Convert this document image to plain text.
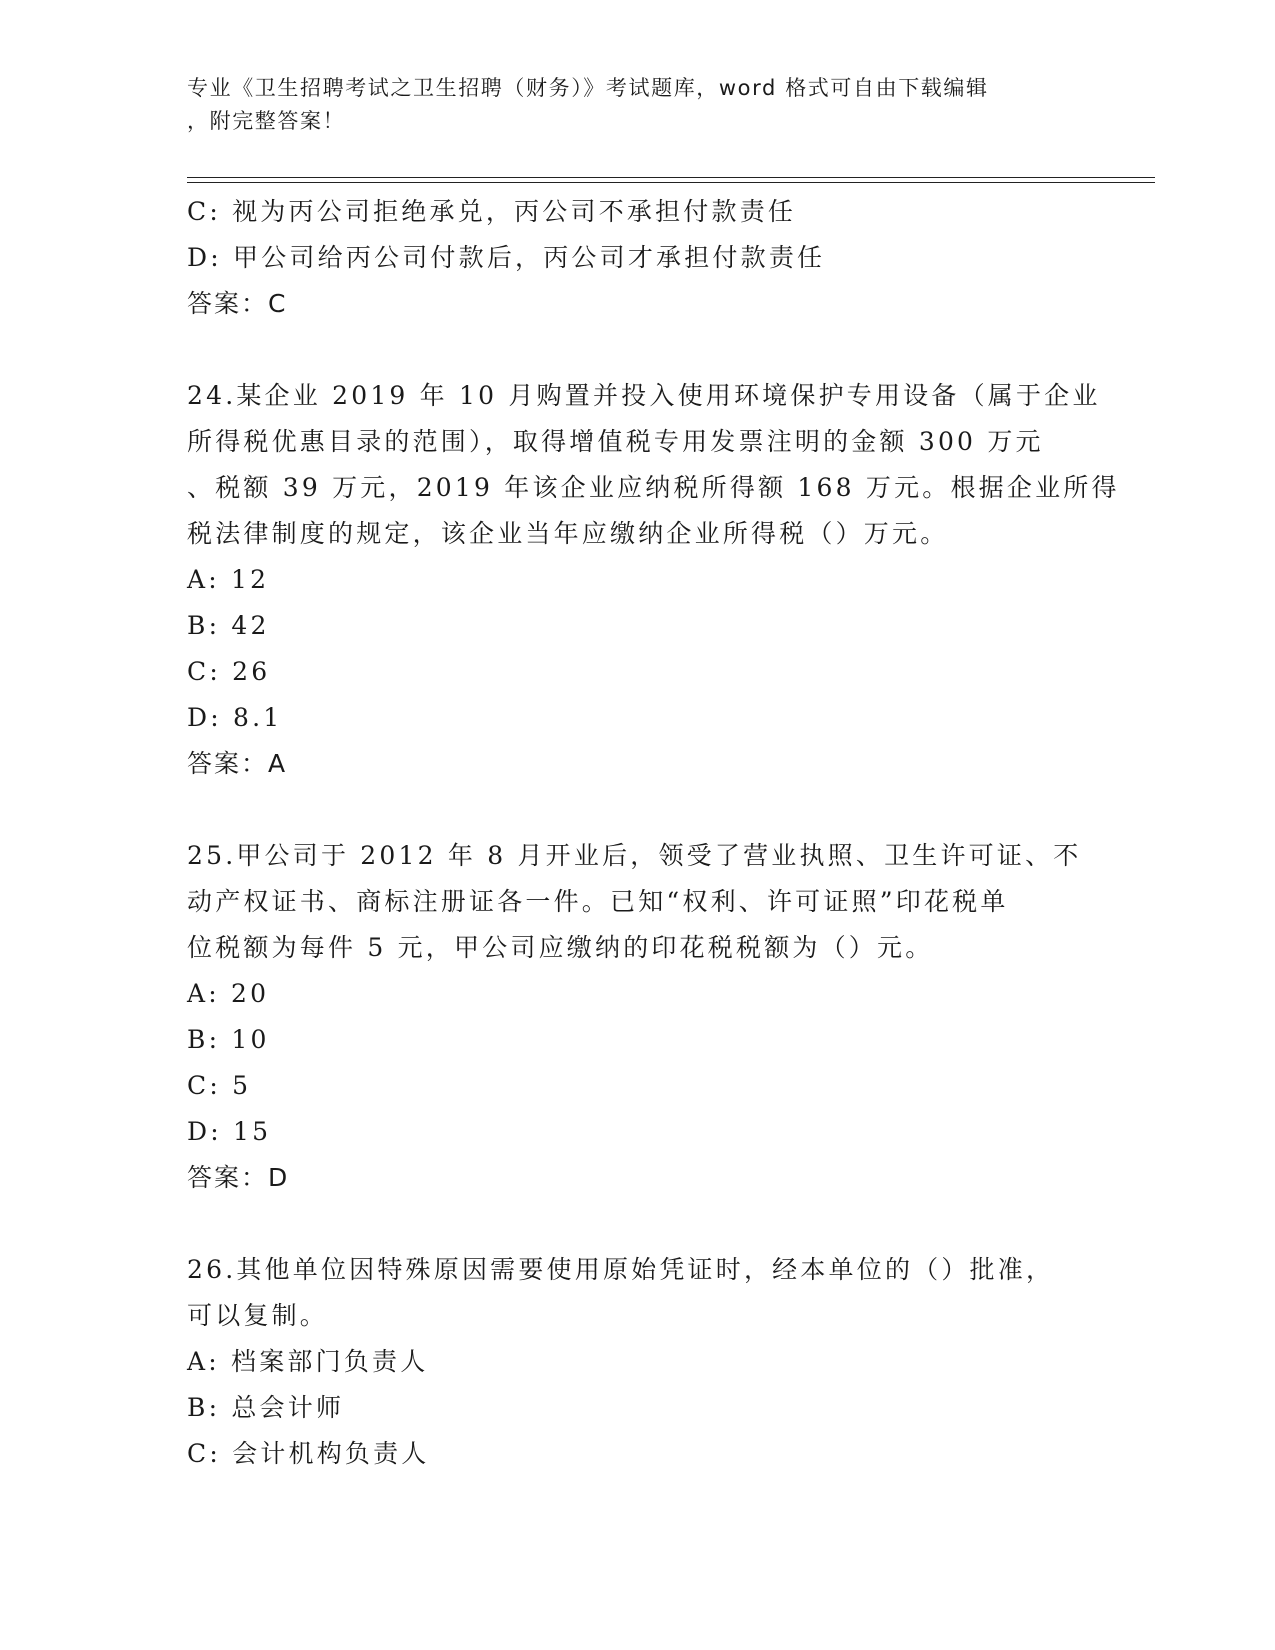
专业《卫生招聘考试之卫生招聘（财务）》考试题库，word 格式可自由下载编辑
，附完整答案！
C: 视为丙公司拒绝承兑，丙公司不承担付款责任
D: 甲公司给丙公司付款后，丙公司才承担付款责任
答案：C
24.某企业 2019 年 10 月购置并投入使用环境保护专用设备（属于企业
所得税优惠目录的范围），取得增值税专用发票注明的金额 300 万元
、税额 39 万元，2019 年该企业应纳税所得额 168 万元。根据企业所得
税法律制度的规定，该企业当年应缴纳企业所得税（）万元。
A: 12
B: 42
C: 26
D: 8.1
答案：A
25.甲公司于 2012 年 8 月开业后，领受了营业执照、卫生许可证、不
动产权证书、商标注册证各一件。已知“权利、许可证照”印花税单
位税额为每件 5 元，甲公司应缴纳的印花税税额为（）元。
A: 20
B: 10
C: 5
D: 15
答案：D
26.其他单位因特殊原因需要使用原始凭证时，经本单位的（）批准，
可以复制。
A: 档案部门负责人
B: 总会计师
C: 会计机构负责人
